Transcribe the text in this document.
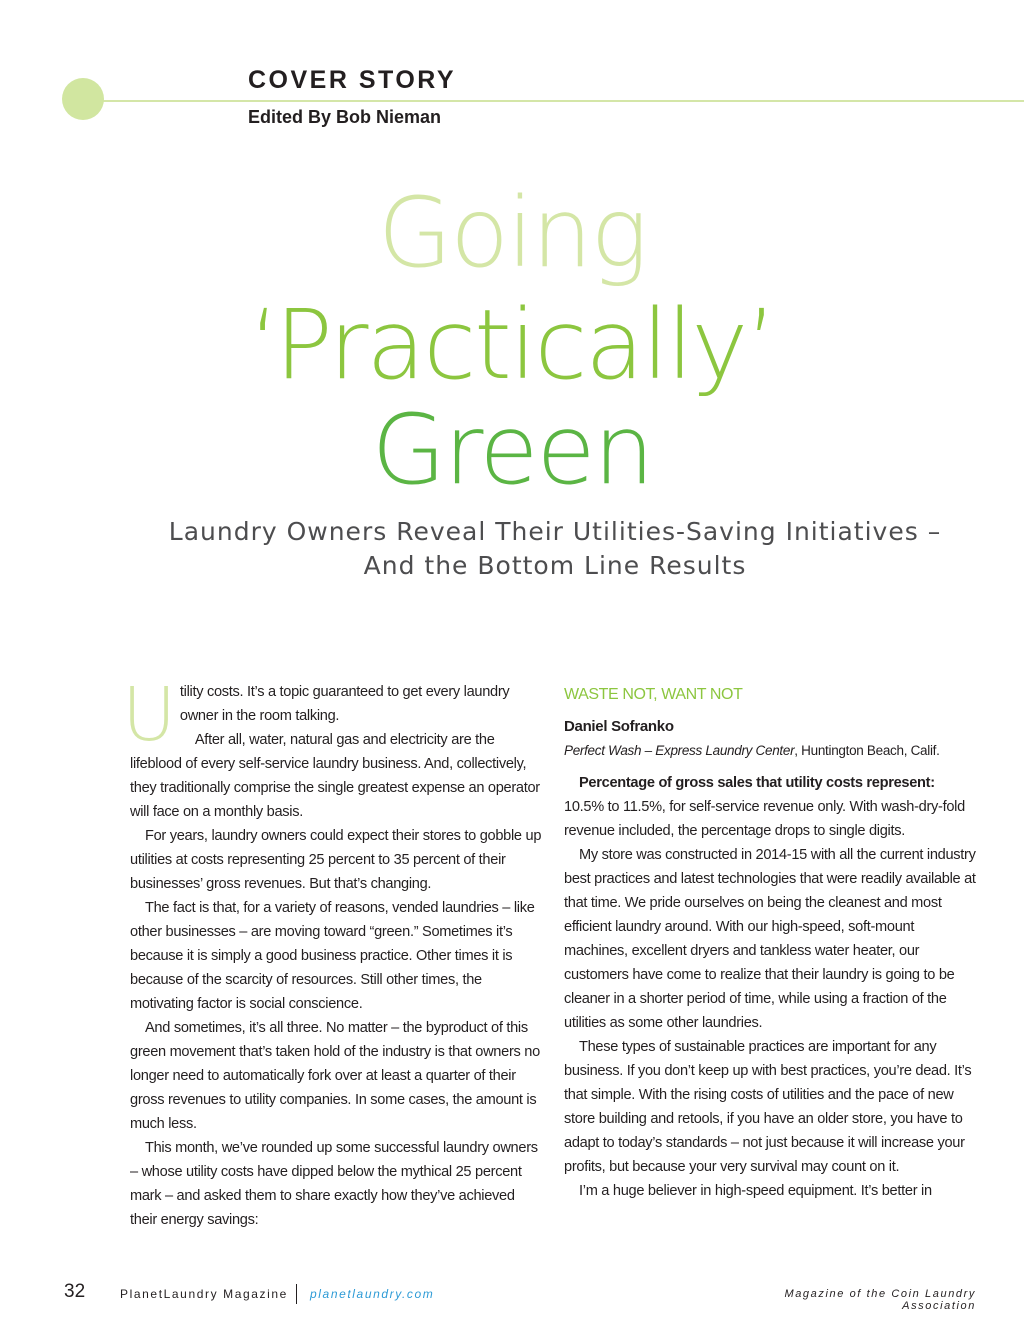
COVER STORY
Edited By Bob Nieman
Going
‘Practically’
Green
Laundry Owners Reveal Their Utilities-Saving Initiatives –
And the Bottom Line Results

Utility costs. It’s a topic guaranteed to get every laundry owner in the room talking.

After all, water, natural gas and electricity are the lifeblood of every self-service laundry business. And, collectively, they traditionally comprise the single greatest expense an operator will face on a monthly basis.

For years, laundry owners could expect their stores to gobble up utilities at costs representing 25 percent to 35 percent of their businesses’ gross revenues. But that’s changing.

The fact is that, for a variety of reasons, vended laundries – like other businesses – are moving toward “green.” Sometimes it’s because it is simply a good business practice. Other times it is because of the scarcity of resources. Still other times, the motivating factor is social conscience.

And sometimes, it’s all three. No matter – the byproduct of this green movement that’s taken hold of the industry is that owners no longer need to automatically fork over at least a quarter of their gross revenues to utility companies. In some cases, the amount is much less.

This month, we’ve rounded up some successful laundry owners – whose utility costs have dipped below the mythical 25 percent mark – and asked them to share exactly how they’ve achieved their energy savings:

WASTE NOT, WANT NOT
Daniel Sofranko
Perfect Wash – Express Laundry Center, Huntington Beach, Calif.

Percentage of gross sales that utility costs represent: 10.5% to 11.5%, for self-service revenue only. With wash-dry-fold revenue included, the percentage drops to single digits.

My store was constructed in 2014-15 with all the current industry best practices and latest technologies that were readily available at that time. We pride ourselves on being the cleanest and most efficient laundry around. With our high-speed, soft-mount machines, excellent dryers and tankless water heater, our customers have come to realize that their laundry is going to be cleaner in a shorter period of time, while using a fraction of the utilities as some other laundries.

These types of sustainable practices are important for any business. If you don’t keep up with best practices, you’re dead. It’s that simple. With the rising costs of utilities and the pace of new store building and retools, if you have an older store, you have to adapt to today’s standards – not just because it will increase your profits, but because your very survival may count on it.

I’m a huge believer in high-speed equipment. It’s better in

32	PlanetLaundry Magazine planetlaundry.com	Magazine of the Coin Laundry Association
